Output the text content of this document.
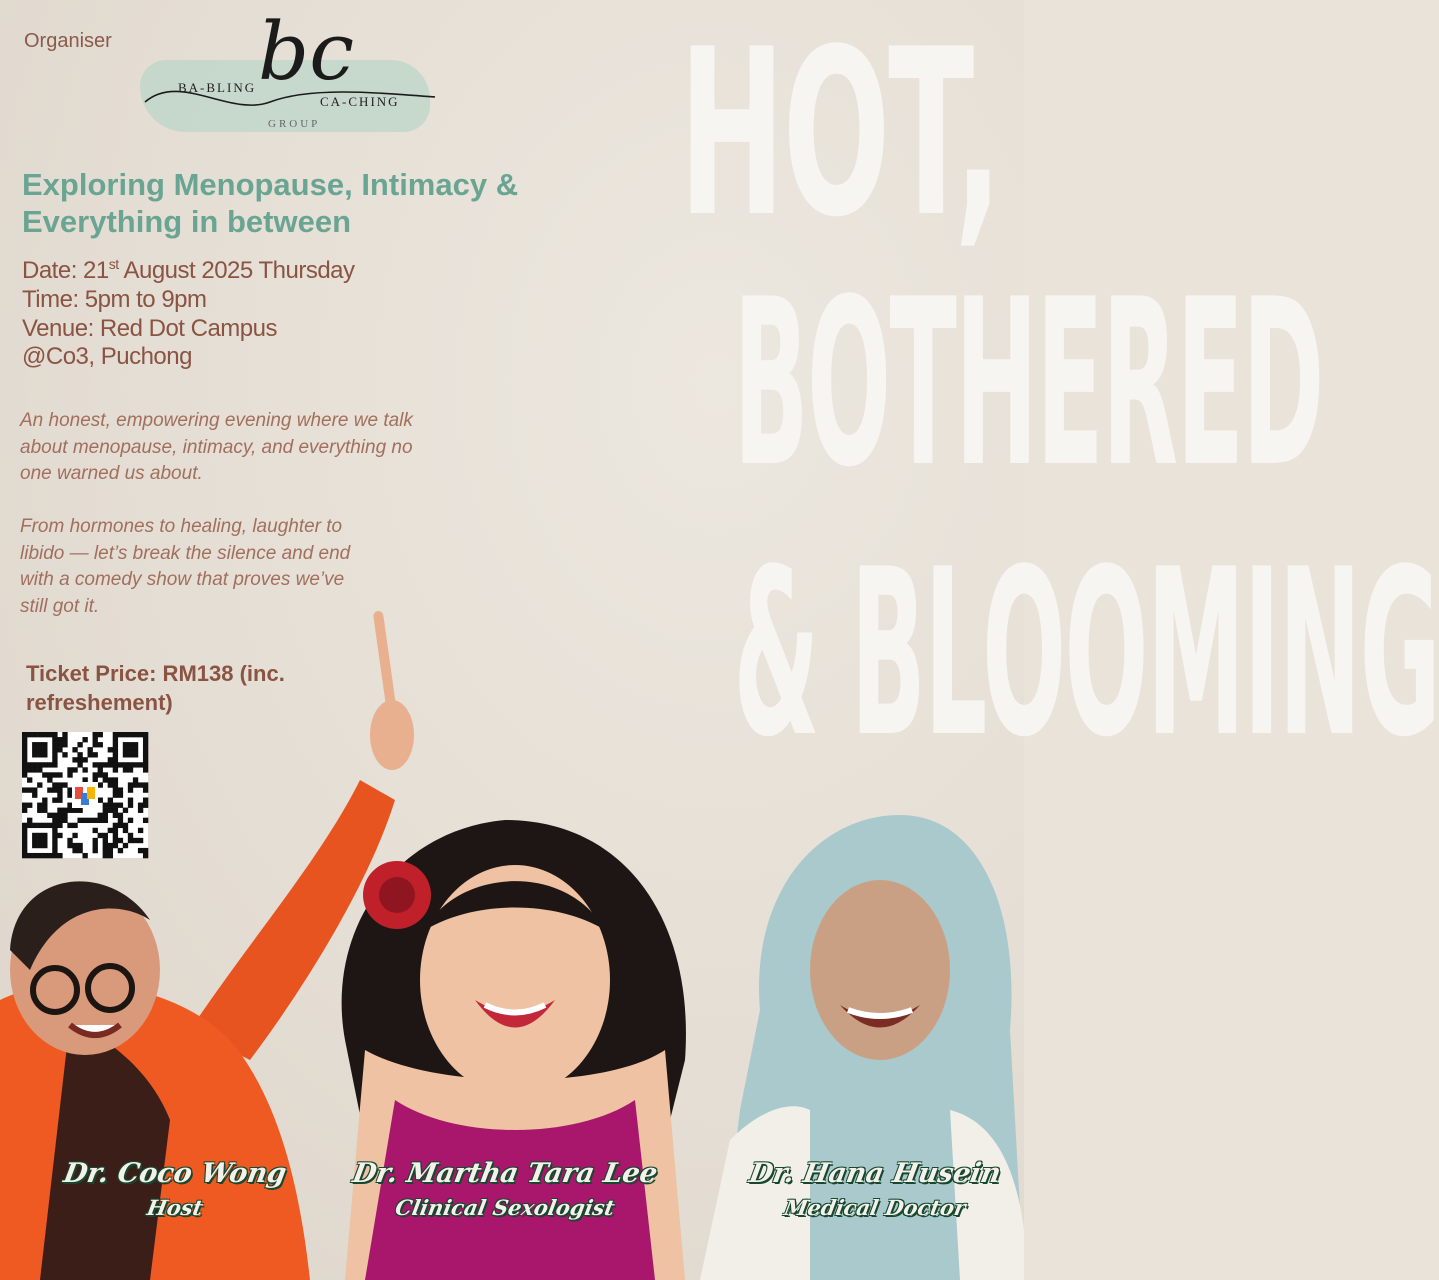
HOT,
BOTHERED
& BLOOMING
Organiser bc
BA-BLING
CA-CHING
GROUP
Exploring Menopause, Intimacy & Everything in between
Date: 21st August 2025 Thursday
Time: 5pm to 9pm
Venue: Red Dot Campus
@Co3, Puchong

An honest, empowering evening where we talk about menopause, intimacy, and everything no one warned us about.

From hormones to healing, laughter to libido — let’s break the silence and end with a comedy show that proves we’ve still got it.

Ticket Price: RM138 (inc.
refreshement)
Dr. Coco Wong
Host
Dr. Martha Tara Lee
Clinical Sexologist
Dr. Hana Husein
Medical Doctor
